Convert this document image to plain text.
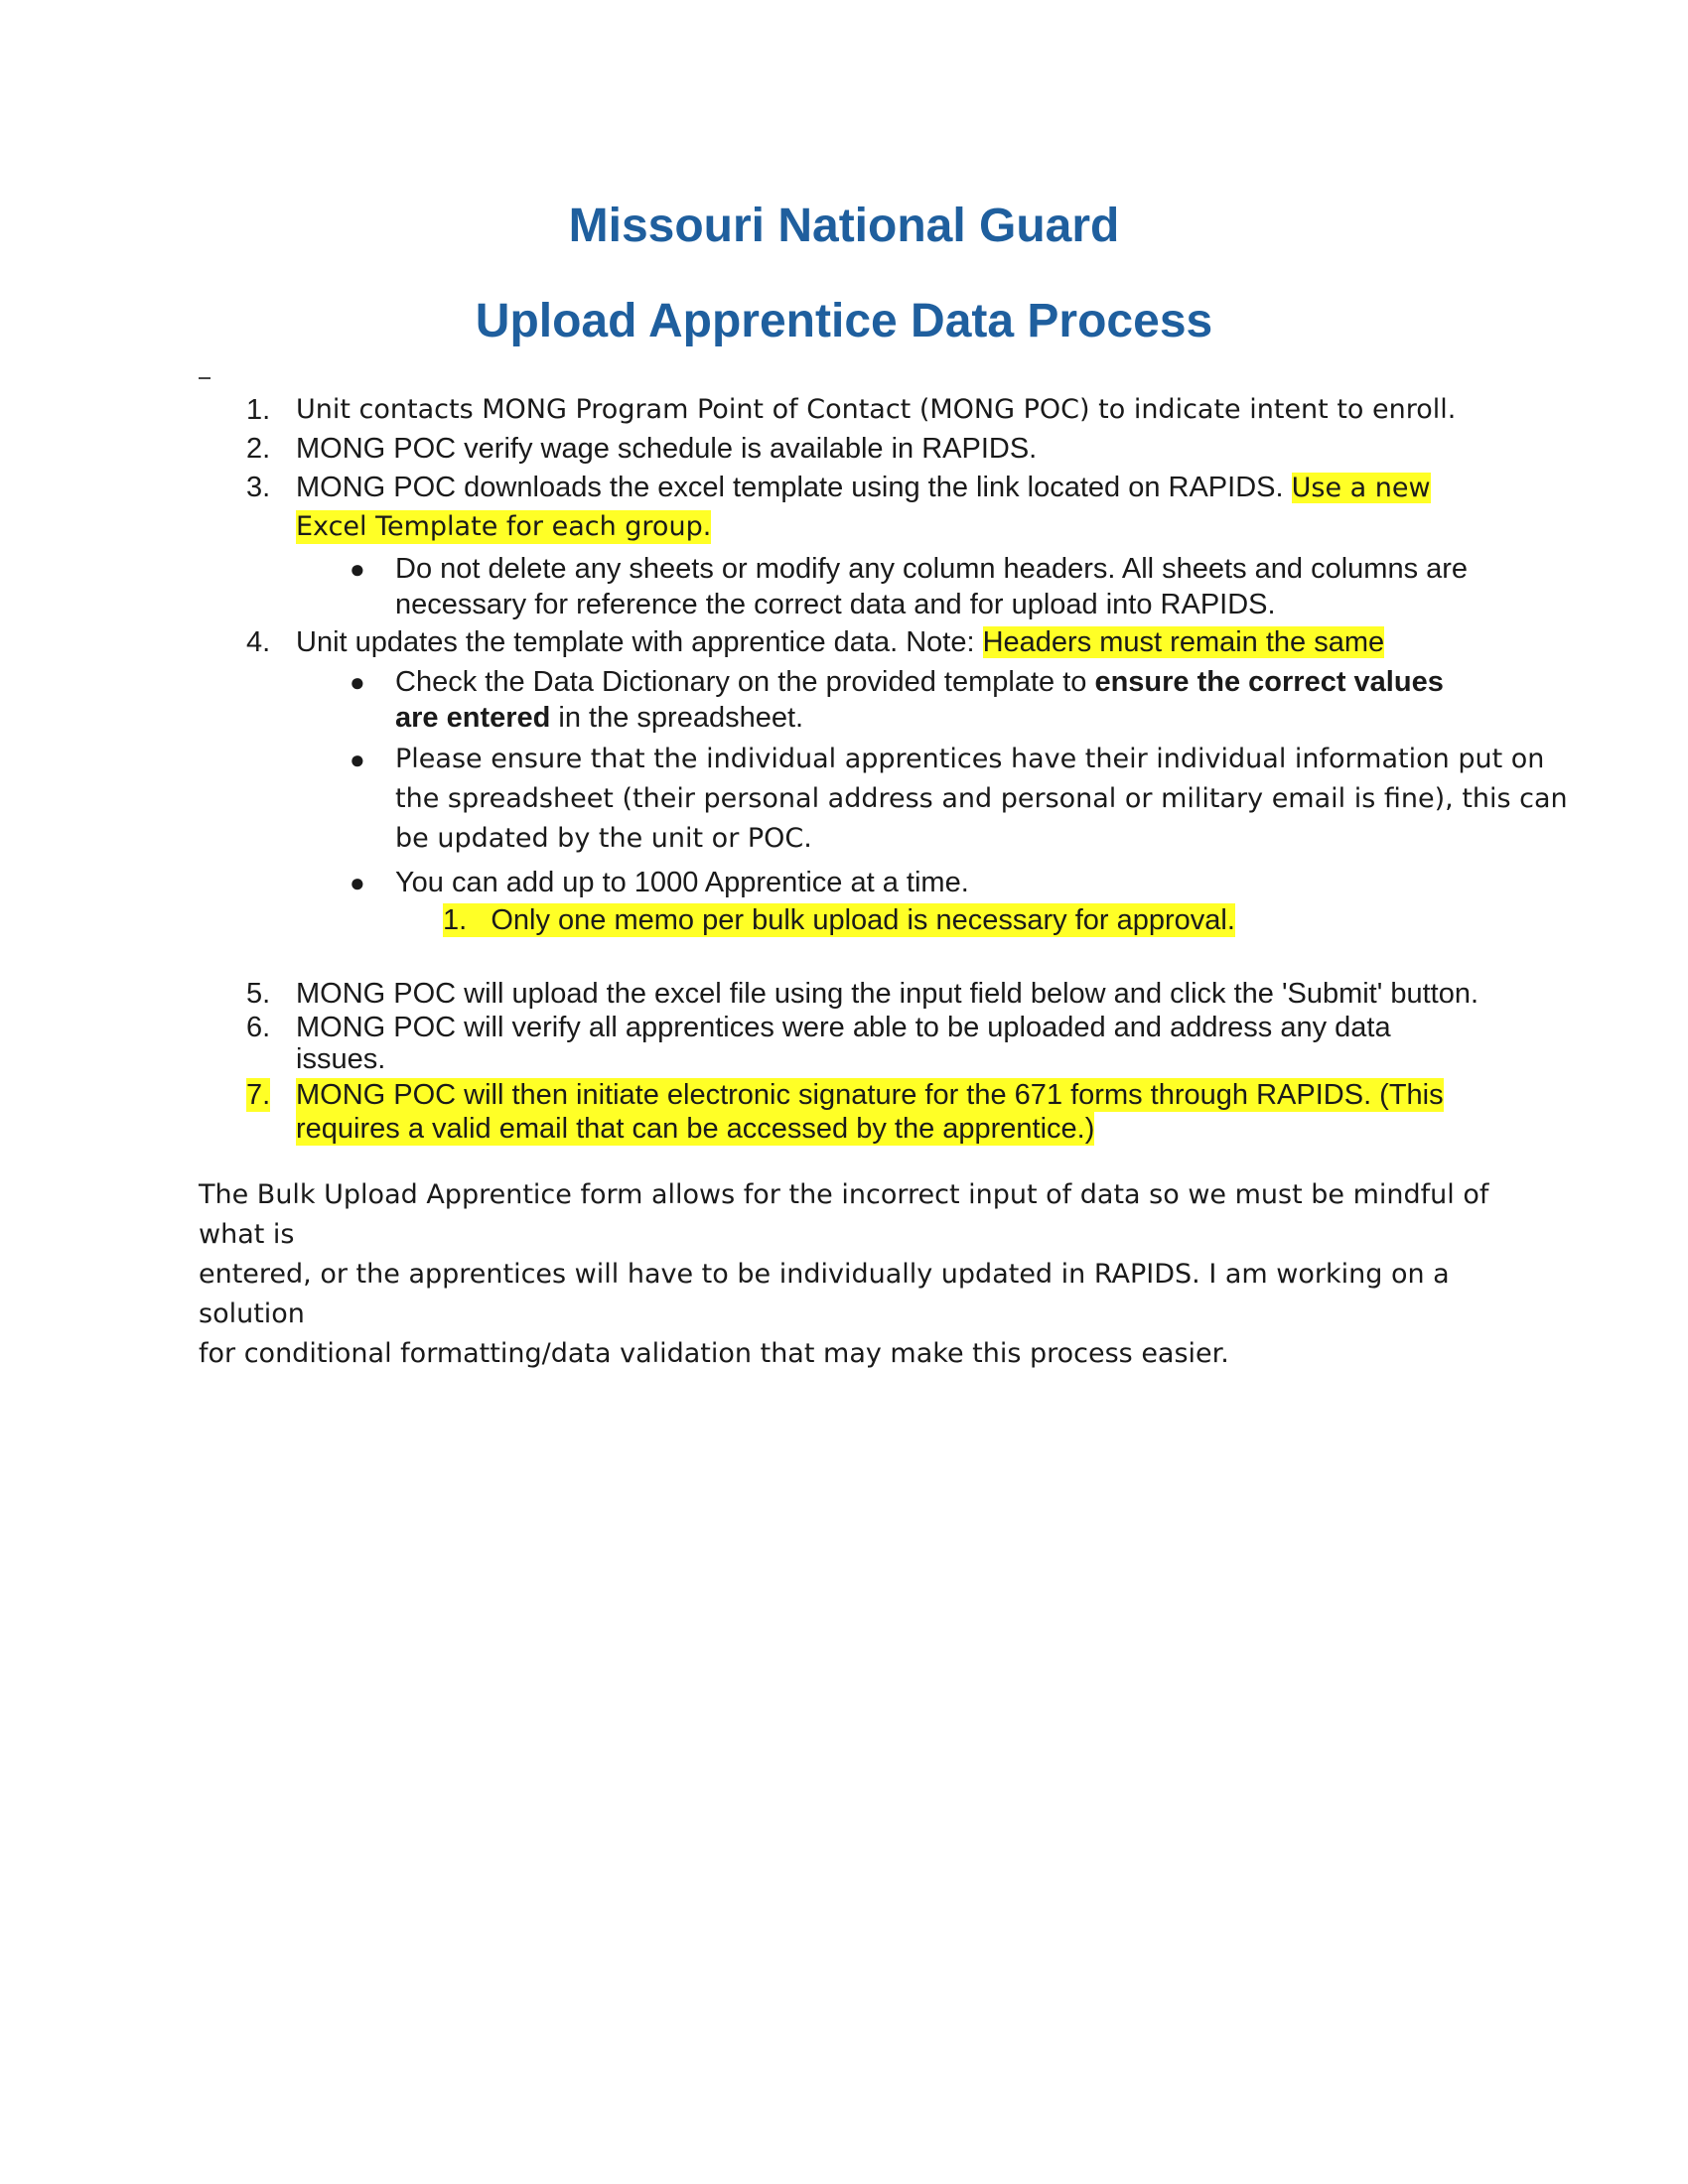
Missouri National Guard
Upload Apprentice Data Process
1. Unit contacts MONG Program Point of Contact (MONG POC) to indicate intent to enroll.
2. MONG POC verify wage schedule is available in RAPIDS.
3. MONG POC downloads the excel template using the link located on RAPIDS. Use a new
Excel Template for each group.
● Do not delete any sheets or modify any column headers. All sheets and columns are
necessary for reference the correct data and for upload into RAPIDS.
4. Unit updates the template with apprentice data. Note: Headers must remain the same
● Check the Data Dictionary on the provided template to ensure the correct values
are entered in the spreadsheet.
● Please ensure that the individual apprentices have their individual information put on
the spreadsheet (their personal address and personal or military email is fine), this can
be updated by the unit or POC.
● You can add up to 1000 Apprentice at a time.
1. Only one memo per bulk upload is necessary for approval.
5. MONG POC will upload the excel file using the input field below and click the 'Submit' button.
6. MONG POC will verify all apprentices were able to be uploaded and address any data
issues.
7. MONG POC will then initiate electronic signature for the 671 forms through RAPIDS. (This
requires a valid email that can be accessed by the apprentice.)
The Bulk Upload Apprentice form allows for the incorrect input of data so we must be mindful of what is
entered, or the apprentices will have to be individually updated in RAPIDS. I am working on a solution
for conditional formatting/data validation that may make this process easier.
